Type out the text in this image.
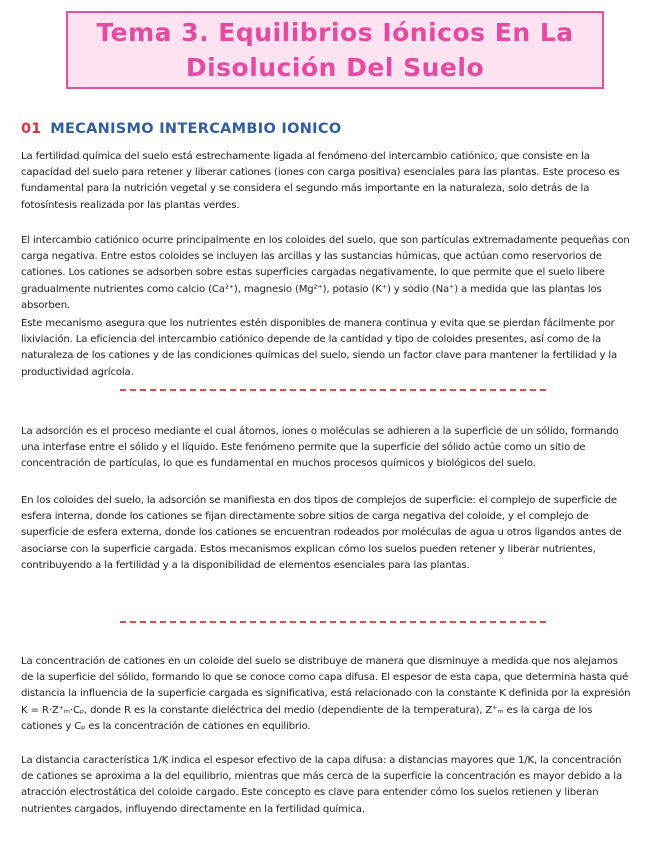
Tema 3. Equilibrios Iónicos En La
Disolución Del Suelo
01 MECANISMO INTERCAMBIO IONICO

La fertilidad química del suelo está estrechamente ligada al fenómeno del intercambio catiónico, que consiste en la capacidad del suelo para retener y liberar cationes (iones con carga positiva) esenciales para las plantas. Este proceso es fundamental para la nutrición vegetal y se considera el segundo más importante en la naturaleza, solo detrás de la fotosíntesis realizada por las plantas verdes.

El intercambio catiónico ocurre principalmente en los coloides del suelo, que son partículas extremadamente pequeñas con carga negativa. Entre estos coloides se incluyen las arcillas y las sustancias húmicas, que actúan como reservorios de cationes. Los cationes se adsorben sobre estas superficies cargadas negativamente, lo que permite que el suelo libere gradualmente nutrientes como calcio (Ca²⁺), magnesio (Mg²⁺), potasio (K⁺) y sodio (Na⁺) a medida que las plantas los absorben.

Este mecanismo asegura que los nutrientes estén disponibles de manera continua y evita que se pierdan fácilmente por lixiviación. La eficiencia del intercambio catiónico depende de la cantidad y tipo de coloides presentes, así como de la naturaleza de los cationes y de las condiciones químicas del suelo, siendo un factor clave para mantener la fertilidad y la productividad agrícola.

La adsorción es el proceso mediante el cual átomos, iones o moléculas se adhieren a la superficie de un sólido, formando una interfase entre el sólido y el líquido. Este fenómeno permite que la superficie del sólido actúe como un sitio de concentración de partículas, lo que es fundamental en muchos procesos químicos y biológicos del suelo.

En los coloides del suelo, la adsorción se manifiesta en dos tipos de complejos de superficie: el complejo de superficie de esfera interna, donde los cationes se fijan directamente sobre sitios de carga negativa del coloide, y el complejo de superficie de esfera externa, donde los cationes se encuentran rodeados por moléculas de agua u otros ligandos antes de asociarse con la superficie cargada. Estos mecanismos explican cómo los suelos pueden retener y liberar nutrientes, contribuyendo a la fertilidad y a la disponibilidad de elementos esenciales para las plantas.

La concentración de cationes en un coloide del suelo se distribuye de manera que disminuye a medida que nos alejamos de la superficie del sólido, formando lo que se conoce como capa difusa. El espesor de esta capa, que determina hasta qué distancia la influencia de la superficie cargada es significativa, está relacionado con la constante K definida por la expresión K = R·Z⁺ₘ·Cₚ, donde R es la constante dieléctrica del medio (dependiente de la temperatura), Z⁺ₘ es la carga de los cationes y Cₚ es la concentración de cationes en equilibrio.

La distancia característica 1/K indica el espesor efectivo de la capa difusa: a distancias mayores que 1/K, la concentración de cationes se aproxima a la del equilibrio, mientras que más cerca de la superficie la concentración es mayor debido a la atracción electrostática del coloide cargado. Este concepto es clave para entender cómo los suelos retienen y liberan nutrientes cargados, influyendo directamente en la fertilidad química.
